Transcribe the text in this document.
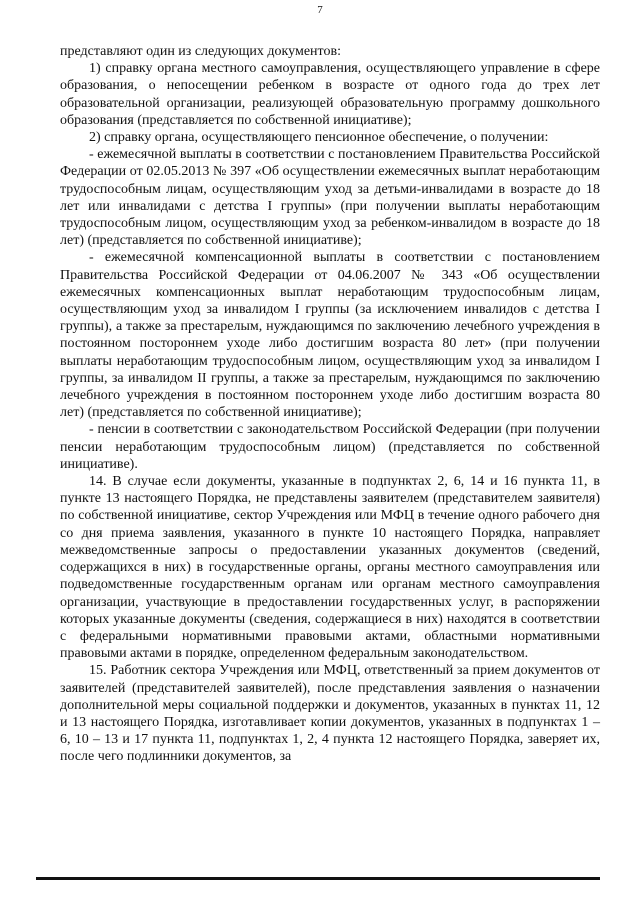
7

представляют один из следующих документов:

1) справку органа местного самоуправления, осуществляющего управление в сфере образования, о непосещении ребенком в возрасте от одного года до трех лет образовательной организации, реализующей образовательную программу дошкольного образования (представляется по собственной инициативе);

2) справку органа, осуществляющего пенсионное обеспечение, о получении:

- ежемесячной выплаты в соответствии с постановлением Правительства Российской Федерации от 02.05.2013 № 397 «Об осуществлении ежемесячных выплат неработающим трудоспособным лицам, осуществляющим уход за детьми-инвалидами в возрасте до 18 лет или инвалидами с детства I группы» (при получении выплаты неработающим трудоспособным лицом, осуществляющим уход за ребенком-инвалидом в возрасте до 18 лет) (представляется по собственной инициативе);

- ежемесячной компенсационной выплаты в соответствии с постановлением Правительства Российской Федерации от 04.06.2007 № 343 «Об осуществлении ежемесячных компенсационных выплат неработающим трудоспособным лицам, осуществляющим уход за инвалидом I группы (за исключением инвалидов с детства I группы), а также за престарелым, нуждающимся по заключению лечебного учреждения в постоянном постороннем уходе либо достигшим возраста 80 лет» (при получении выплаты неработающим трудоспособным лицом, осуществляющим уход за инвалидом I группы, за инвалидом II группы, а также за престарелым, нуждающимся по заключению лечебного учреждения в постоянном постороннем уходе либо достигшим возраста 80 лет) (представляется по собственной инициативе);

- пенсии в соответствии с законодательством Российской Федерации (при получении пенсии неработающим трудоспособным лицом) (представляется по собственной инициативе).

14. В случае если документы, указанные в подпунктах 2, 6, 14 и 16 пункта 11, в пункте 13 настоящего Порядка, не представлены заявителем (представителем заявителя) по собственной инициативе, сектор Учреждения или МФЦ в течение одного рабочего дня со дня приема заявления, указанного в пункте 10 настоящего Порядка, направляет межведомственные запросы о предоставлении указанных документов (сведений, содержащихся в них) в государственные органы, органы местного самоуправления или подведомственные государственным органам или органам местного самоуправления организации, участвующие в предоставлении государственных услуг, в распоряжении которых указанные документы (сведения, содержащиеся в них) находятся в соответствии с федеральными нормативными правовыми актами, областными нормативными правовыми актами в порядке, определенном федеральным законодательством.

15. Работник сектора Учреждения или МФЦ, ответственный за прием документов от заявителей (представителей заявителей), после представления заявления о назначении дополнительной меры социальной поддержки и документов, указанных в пунктах 11, 12 и 13 настоящего Порядка, изготавливает копии документов, указанных в подпунктах 1 – 6, 10 – 13 и 17 пункта 11, подпунктах 1, 2, 4 пункта 12 настоящего Порядка, заверяет их, после чего подлинники документов, за
